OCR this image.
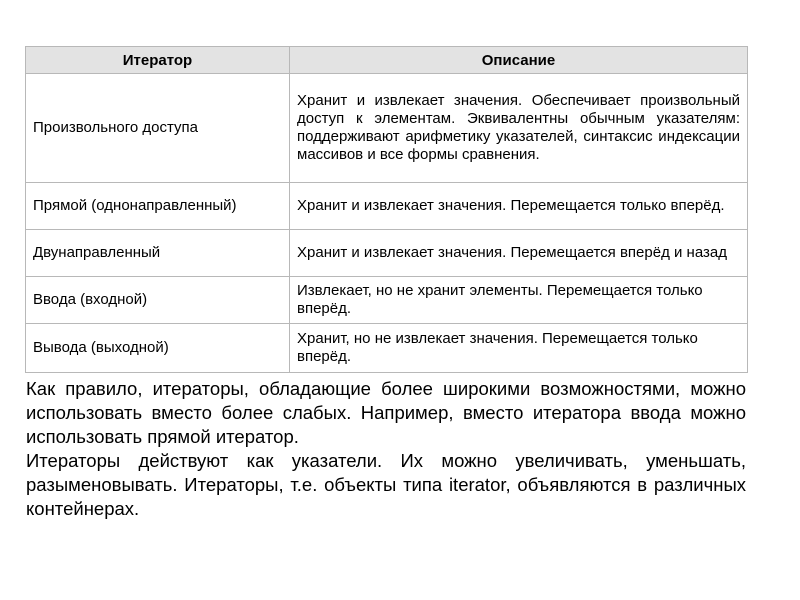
Итератор	Описание
Произвольного доступа	Хранит и извлекает значения. Обеспечивает произвольный доступ к элементам. Эквивалентны обычным указателям: поддерживают арифметику указателей, синтаксис индексации массивов и все формы сравнения.
Прямой (однонаправленный)	Хранит и извлекает значения. Перемещается только вперёд.
Двунаправленный	Хранит и извлекает значения. Перемещается вперёд и назад
Ввода (входной)	Извлекает, но не хранит элементы. Перемещается только вперёд.
Вывода (выходной)	Хранит, но не извлекает значения. Перемещается только вперёд.

Как правило, итераторы, обладающие более широкими возможностями, можно использовать вместо более слабых. Например, вместо итератора ввода можно использовать прямой итератор.

Итераторы действуют как указатели. Их можно увеличивать, уменьшать, разыменовывать. Итераторы, т.е. объекты типа iterator, объявляются в различных контейнерах.
